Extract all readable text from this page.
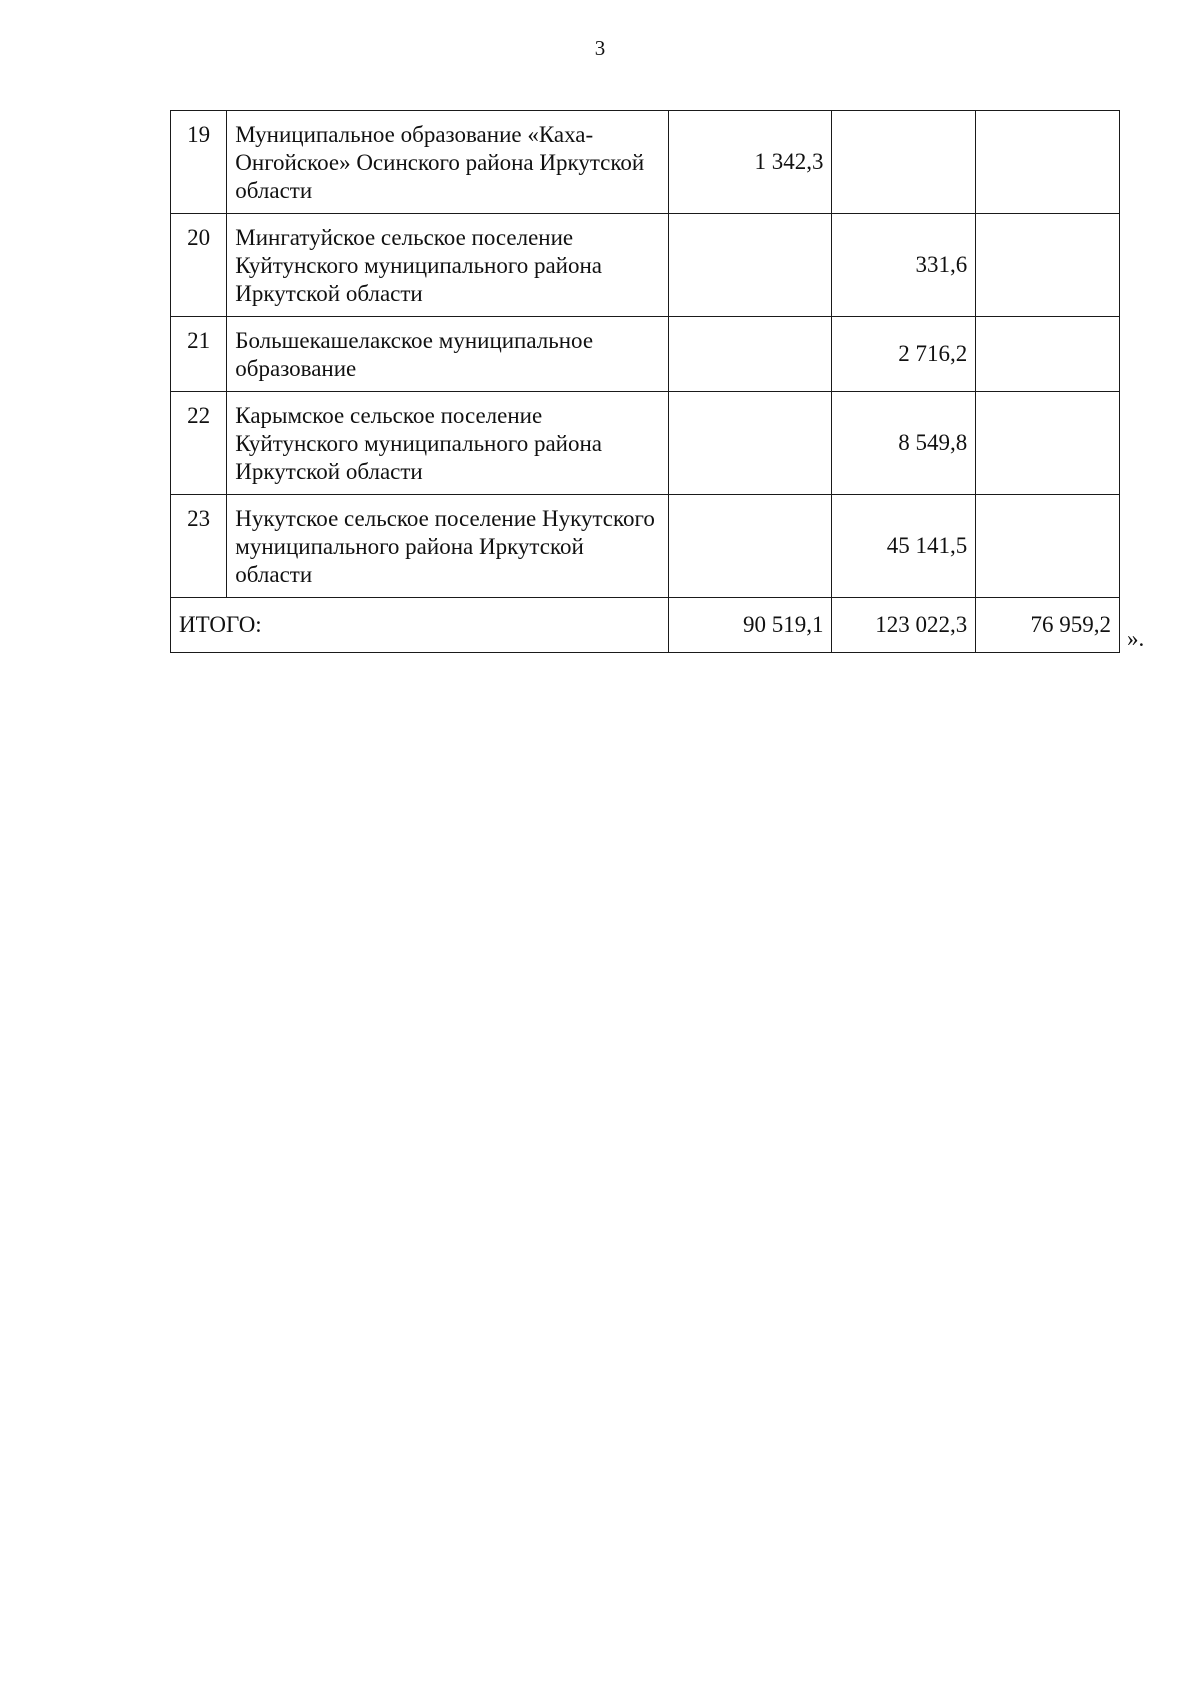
3
19	Муниципальное образование «Каха-Онгойское» Осинского района Иркутской области	1 342,3		
20	Мингатуйское сельское поселение Куйтунского муниципального района Иркутской области		331,6	
21	Большекашелакское муниципальное образование		2 716,2	
22	Карымское сельское поселение Куйтунского муниципального района Иркутской области		8 549,8	
23	Нукутское сельское поселение Нукутского муниципального района Иркутской области		45 141,5	
ИТОГО:		90 519,1	123 022,3	76 959,2
».
